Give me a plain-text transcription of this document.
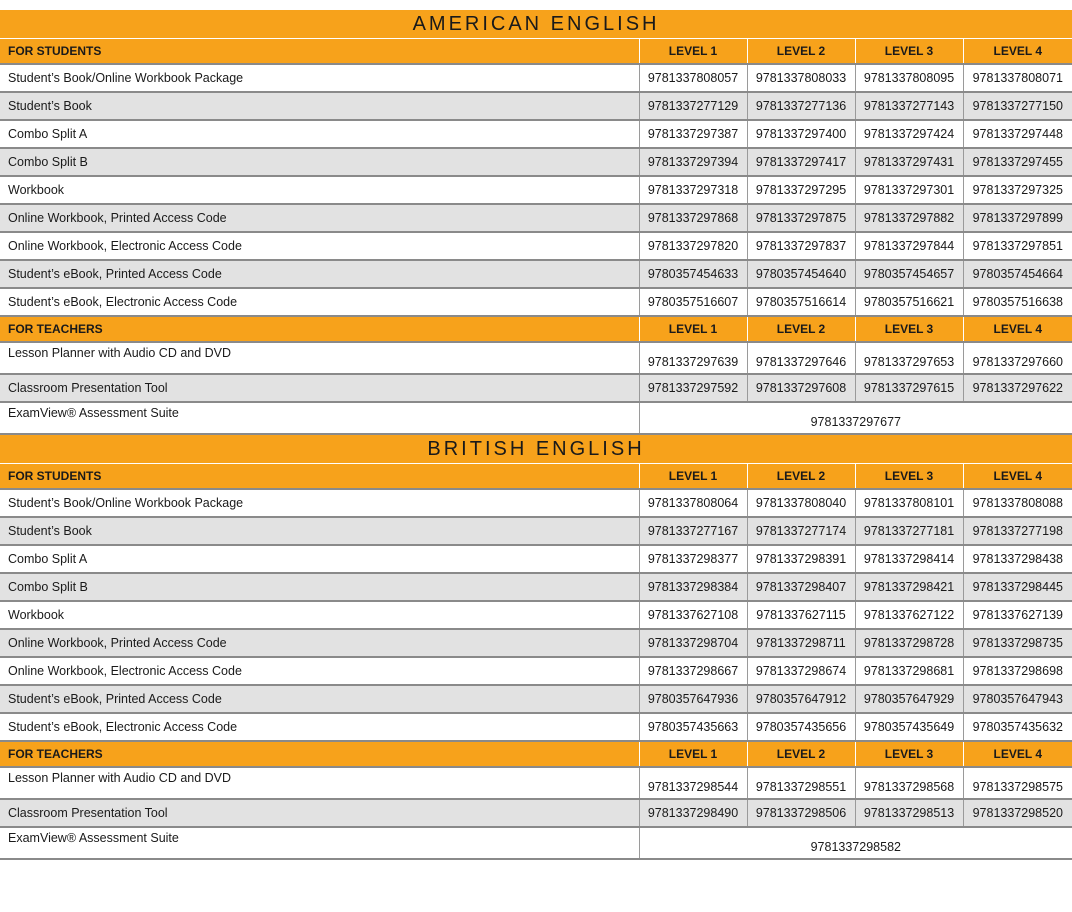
AMERICAN ENGLISH				
FOR STUDENTS	LEVEL 1	LEVEL 2	LEVEL 3	LEVEL 4
Student’s Book/Online Workbook Package	9781337808057	9781337808033	9781337808095	9781337808071
Student’s Book	9781337277129	9781337277136	9781337277143	9781337277150
Combo Split A	9781337297387	9781337297400	9781337297424	9781337297448
Combo Split B	9781337297394	9781337297417	9781337297431	9781337297455
Workbook	9781337297318	9781337297295	9781337297301	9781337297325
Online Workbook, Printed Access Code	9781337297868	9781337297875	9781337297882	9781337297899
Online Workbook, Electronic Access Code	9781337297820	9781337297837	9781337297844	9781337297851
Student’s eBook, Printed Access Code	9780357454633	9780357454640	9780357454657	9780357454664
Student’s eBook, Electronic Access Code	9780357516607	9780357516614	9780357516621	9780357516638
FOR TEACHERS	LEVEL 1	LEVEL 2	LEVEL 3	LEVEL 4
Lesson Planner with Audio CD and DVD	9781337297639	9781337297646	9781337297653	9781337297660
Classroom Presentation Tool	9781337297592	9781337297608	9781337297615	9781337297622
ExamView® Assessment Suite	9781337297677			
BRITISH ENGLISH				
FOR STUDENTS	LEVEL 1	LEVEL 2	LEVEL 3	LEVEL 4
Student’s Book/Online Workbook Package	9781337808064	9781337808040	9781337808101	9781337808088
Student’s Book	9781337277167	9781337277174	9781337277181	9781337277198
Combo Split A	9781337298377	9781337298391	9781337298414	9781337298438
Combo Split B	9781337298384	9781337298407	9781337298421	9781337298445
Workbook	9781337627108	9781337627115	9781337627122	9781337627139
Online Workbook, Printed Access Code	9781337298704	9781337298711	9781337298728	9781337298735
Online Workbook, Electronic Access Code	9781337298667	9781337298674	9781337298681	9781337298698
Student’s eBook, Printed Access Code	9780357647936	9780357647912	9780357647929	9780357647943
Student’s eBook, Electronic Access Code	9780357435663	9780357435656	9780357435649	9780357435632
FOR TEACHERS	LEVEL 1	LEVEL 2	LEVEL 3	LEVEL 4
Lesson Planner with Audio CD and DVD	9781337298544	9781337298551	9781337298568	9781337298575
Classroom Presentation Tool	9781337298490	9781337298506	9781337298513	9781337298520
ExamView® Assessment Suite	9781337298582			
